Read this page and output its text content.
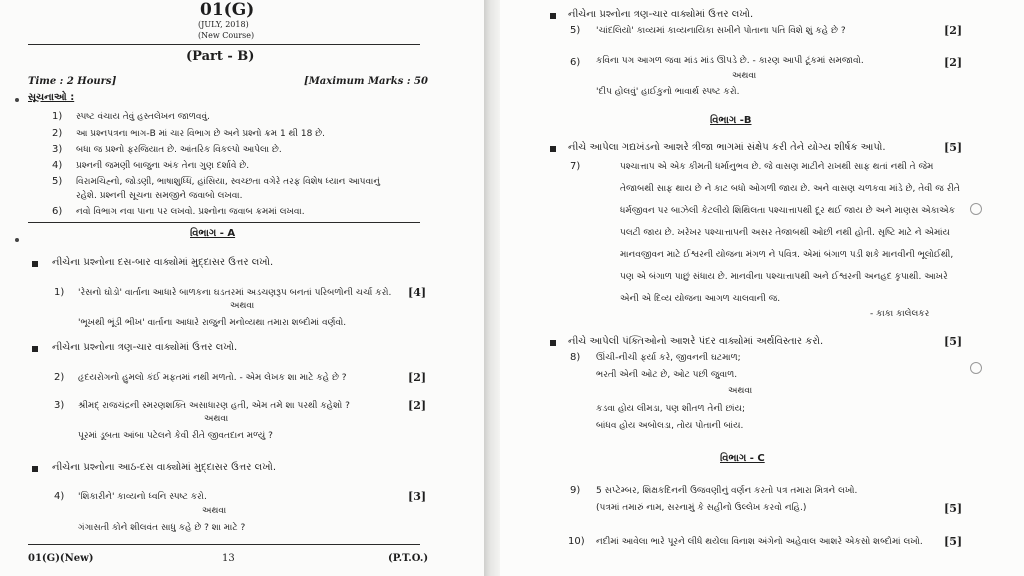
01(G)
(JULY, 2018)
(New Course)
(Part - B)
Time : 2 Hours]	[Maximum Marks : 50
સૂચનાઓ :
1) સ્પષ્ટ વંચાય તેવું હસ્તલેખન જાળવવું.
2) આ પ્રશ્નપત્રના ભાગ-B માં ચાર વિભાગ છે અને પ્રશ્નો ક્રમ 1 થી 18 છે.
3) બધા જ પ્રશ્નો ફરજિયાત છે. આંતરિક વિકલ્પો આપેલા છે.
4) પ્રશ્નની જમણી બાજુના અંક તેના ગુણ દર્શાવે છે.
5) વિરામચિહ્નો, જોડણી, ભાષાશુધ્ધિ, હાંસિયા, સ્વચ્છતા વગેરે તરફ વિશેષ ધ્યાન આપવાનું
રહેશે. પ્રશ્નની સૂચના સમજીને જવાબો લખવા.
6) નવો વિભાગ નવા પાના પર લખવો. પ્રશ્નોના જવાબ ક્રમમાં લખવા.
વિભાગ - A
નીચેના પ્રશ્નોના દસ-બાર વાક્યોમાં મુદ્દાસર ઉત્તર લખો.
1) 'રેસનો ઘોડો' વાર્તાના આધારે બાળકના ઘડતરમાં અડચણરૂપ બનતાં પરિબળોની ચર્ચા કરો. [4]
અથવા
'ભૂખથી ભૂંડી ભીખ' વાર્તાના આધારે રાજુની મનોવ્યથા તમારા શબ્દોમાં વર્ણવો.
નીચેના પ્રશ્નોના ત્રણ-ચાર વાક્યોમાં ઉત્તર લખો.
2) હૃદયરોગનો હુમલો કંઈ મફતમાં નથી મળતો. - એમ લેખક શા માટે કહે છે ?	[2]
3) શ્રીમદ્ રાજચંદ્રની સ્મરણશક્તિ અસાધારણ હતી, એમ તમે શા પરથી કહેશો ?	[2]
અથવા
પૂરમાં ડૂબતા આંબા પટેલને કેવી રીતે જીવતદાન મળ્યું ?
નીચેના પ્રશ્નોના આઠ-દસ વાક્યોમાં મુદ્દાસર ઉત્તર લખો.
4) 'શિકારીને' કાવ્યનો ધ્વનિ સ્પષ્ટ કરો.	[3]
અથવા
ગંગાસતી કોને શીલવંત સાધુ કહે છે ? શા માટે ?
01(G)(New)	13	(P.T.O.)
નીચેના પ્રશ્નોના ત્રણ-ચાર વાક્યોમાં ઉત્તર લખો.
5) 'ચાંદલિયો' કાવ્યમાં કાવ્યનાયિકા સખીને પોતાના પતિ વિશે શું કહે છે ?	[2]
6) કવિના પગ આગળ જવા માંડ માંડ ઊપડે છે. - કારણ આપી ટૂંકમાં સમજાવો.	[2]
અથવા
'દીપ હોલવું' હાઈકુનો ભાવાર્થ સ્પષ્ટ કરો.
વિભાગ -B
નીચે આપેલા ગદ્યખંડનો આશરે ત્રીજા ભાગમાં સંક્ષેપ કરી તેને યોગ્ય શીર્ષક આપો.	[5]
7)	પશ્ચાત્તાપ એ એક કીમતી ધર્માનુભવ છે. જે વાસણ માટીને રાખથી સાફ થતાં નથી તે જેમ
તેજાબથી સાફ થાય છે ને કાટ બધો ઓગળી જાય છે. અને વાસણ ચળકવા માંડે છે, તેવી જ રીતે
ધર્મજીવન પર બાઝેલી કેટલીયે શિથિલતા પશ્ચાત્તાપથી દૂર થઈ જાય છે અને માણસ એકાએક
પલટી જાય છે. ખરેખર પશ્ચાત્તાપની અસર તેજાબથી ઓછી નથી હોતી. સૃષ્ટિ માટે ને એમાંય
માનવજીવન માટે ઈશ્વરની યોજના મંગળ ને પવિત્ર. એમાં બંગાળ પડી શકે માનવીની ભૂલોઈથી,
પણ એ બંગાળ પાછું સંધાય છે. માનવીના પશ્ચાત્તાપથી અને ઈશ્વરની અનહદ કૃપાથી. આખરે
એની એ દિવ્ય યોજના આગળ ચાલવાની જ.
- કાકા કાલેલકર
નીચે આપેલી પંક્તિઓનો આશરે પંદર વાક્યોમાં અર્થવિસ્તાર કરો.	[5]
8) ઊંચી-નીચી ફર્યા કરે, જીવનની ઘટમાળ;
ભરતી એની ઓટ છે, ઓટ પછી જુવાળ.
અથવા
કડવા હોય લીમડા, પણ શીતળ તેની છાંય;
બાંધવ હોય અબોલડા, તોય પોતાની બાંય.
વિભાગ - C
9) 5 સપ્ટેમ્બર, શિક્ષકદિનની ઉજવણીનું વર્ણન કરતો પત્ર તમારા મિત્રને લખો.
(પત્રમાં તમારું નામ, સરનામું કે સહીનો ઉલ્લેખ કરવો નહિ.)	[5]
10) નદીમાં આવેલા ભારે પૂરને લીધે થયેલા વિનાશ અંગેનો અહેવાલ આશરે એકસો શબ્દોમાં લખો. [5]
